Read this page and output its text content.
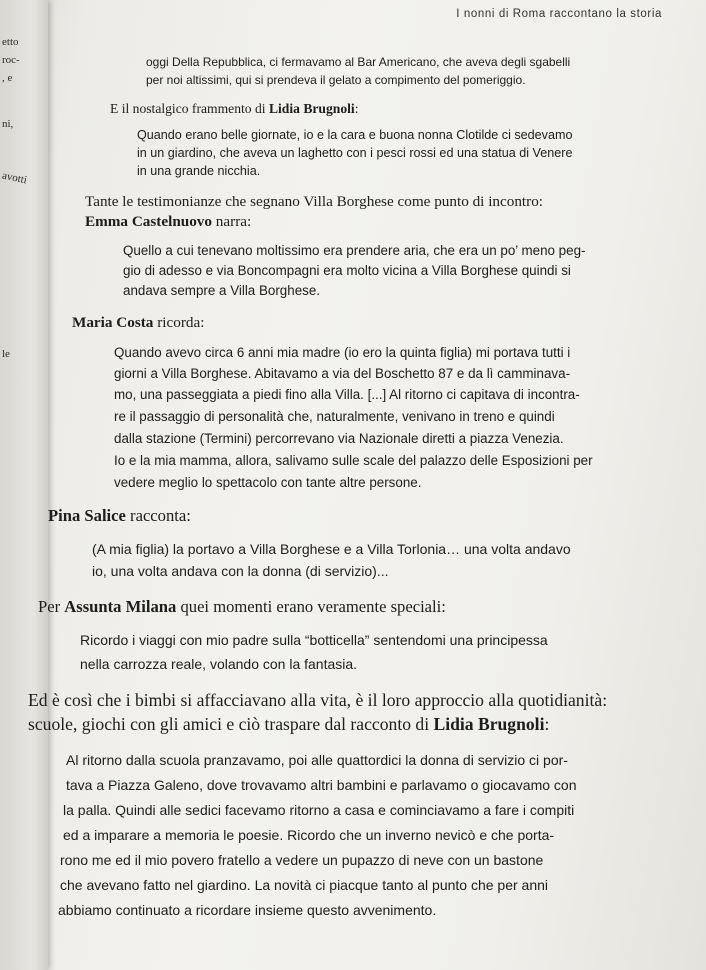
etto
roc-
, e
ni,
avotti
le
I nonni di Roma raccontano la storia
oggi Della Repubblica, ci fermavamo al Bar Americano, che aveva degli sgabelli
per noi altissimi, qui si prendeva il gelato a compimento del pomeriggio.
E il nostalgico frammento di Lidia Brugnoli:
Quando erano belle giornate, io e la cara e buona nonna Clotilde ci sedevamo
in un giardino, che aveva un laghetto con i pesci rossi ed una statua di Venere
in una grande nicchia.
Tante le testimonianze che segnano Villa Borghese come punto di incontro:
Emma Castelnuovo narra:
Quello a cui tenevano moltissimo era prendere aria, che era un po’ meno peg-
gio di adesso e via Boncompagni era molto vicina a Villa Borghese quindi si
andava sempre a Villa Borghese.
Maria Costa ricorda:
Quando avevo circa 6 anni mia madre (io ero la quinta figlia) mi portava tutti i
giorni a Villa Borghese. Abitavamo a via del Boschetto 87 e da lì camminava-
mo, una passeggiata a piedi fino alla Villa. [...] Al ritorno ci capitava di incontra-
re il passaggio di personalità che, naturalmente, venivano in treno e quindi
dalla stazione (Termini) percorrevano via Nazionale diretti a piazza Venezia.
Io e la mia mamma, allora, salivamo sulle scale del palazzo delle Esposizioni per
vedere meglio lo spettacolo con tante altre persone.
Pina Salice racconta:
(A mia figlia) la portavo a Villa Borghese e a Villa Torlonia… una volta andavo
io, una volta andava con la donna (di servizio)...
Per Assunta Milana quei momenti erano veramente speciali:
Ricordo i viaggi con mio padre sulla “botticella” sentendomi una principessa
nella carrozza reale, volando con la fantasia.
Ed è così che i bimbi si affacciavano alla vita, è il loro approccio alla quotidianità:
scuole, giochi con gli amici e ciò traspare dal racconto di Lidia Brugnoli:
Al ritorno dalla scuola pranzavamo, poi alle quattordici la donna di servizio ci por-
tava a Piazza Galeno, dove trovavamo altri bambini e parlavamo o giocavamo con
la palla. Quindi alle sedici facevamo ritorno a casa e cominciavamo a fare i compiti
ed a imparare a memoria le poesie. Ricordo che un inverno nevicò e che porta-
rono me ed il mio povero fratello a vedere un pupazzo di neve con un bastone
che avevano fatto nel giardino. La novità ci piacque tanto al punto che per anni
abbiamo continuato a ricordare insieme questo avvenimento.
